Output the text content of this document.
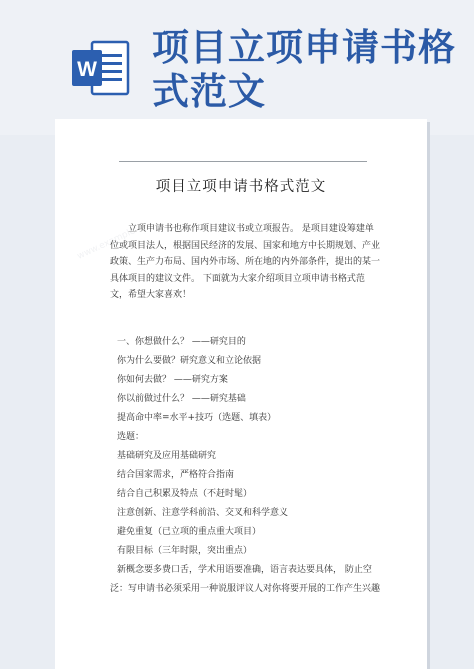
W
项目立项申请书格式范文
www.example
项目立项申请书格式范文

立项申请书也称作项目建议书或立项报告。 是项目建设筹建单位或项目法人，根据国民经济的发展、国家和地方中长期规划、产业政策、生产力布局、国内外市场、所在地的内外部条件，提出的某一具体项目的建议文件。 下面就为大家介绍项目立项申请书格式范文，希望大家喜欢！

一、你想做什么？ ——研究目的
你为什么要做？研究意义和立论依据
你如何去做？ ——研究方案
你以前做过什么？ ——研究基础
提高命中率=水平+技巧（选题、填表）
选题：
基础研究及应用基础研究
结合国家需求，严格符合指南
结合自己积累及特点（不赶时髦）
注意创新、注意学科前沿、交叉和科学意义
避免重复（已立项的重点重大项目）
有限目标（三年时限，突出重点）
新概念要多费口舌，学术用语要准确，语言表达要具体， 防止空
泛：写申请书必须采用一种说服评议人对你将要开展的工作产生兴趣
